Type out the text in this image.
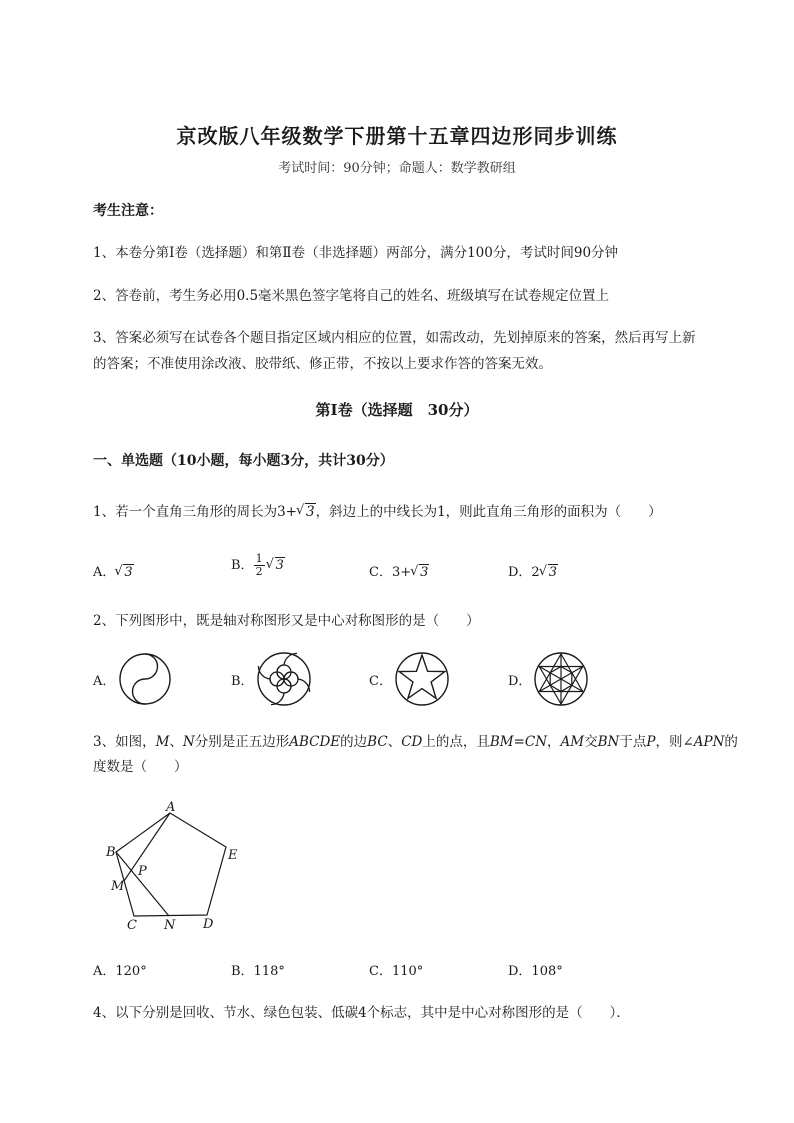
京改版八年级数学下册第十五章四边形同步训练
考试时间：90分钟；命题人：数学教研组
考生注意：
1、本卷分第I卷（选择题）和第Ⅱ卷（非选择题）两部分，满分100分，考试时间90分钟
2、答卷前，考生务必用0.5毫米黑色签字笔将自己的姓名、班级填写在试卷规定位置上
3、答案必须写在试卷各个题目指定区域内相应的位置，如需改动，先划掉原来的答案，然后再写上新
的答案；不准使用涂改液、胶带纸、修正带，不按以上要求作答的答案无效。
第I卷（选择题　30分）
一、单选题（10小题，每小题3分，共计30分）
1、若一个直角三角形的周长为3+ √ 3，斜边上的中线长为1，则此直角三角形的面积为（　　）
A． √ 3	B． $\frac{1}{2}$ √ 3	C．3+ √ 3	D．2 √ 3
2、下列图形中，既是轴对称图形又是中心对称图形的是（　　）
A．	B．	C．	D．
3、如图，M、N分别是正五边形ABCDE的边BC、CD上的点，且BM=CN，AM交BN于点P，则∠APN的
度数是（　　）
A
B	E
P
M
C N D
A．120°	B．118°	C．110°	D．108°
4、以下分别是回收、节水、绿色包装、低碳4个标志，其中是中心对称图形的是（　　）．
